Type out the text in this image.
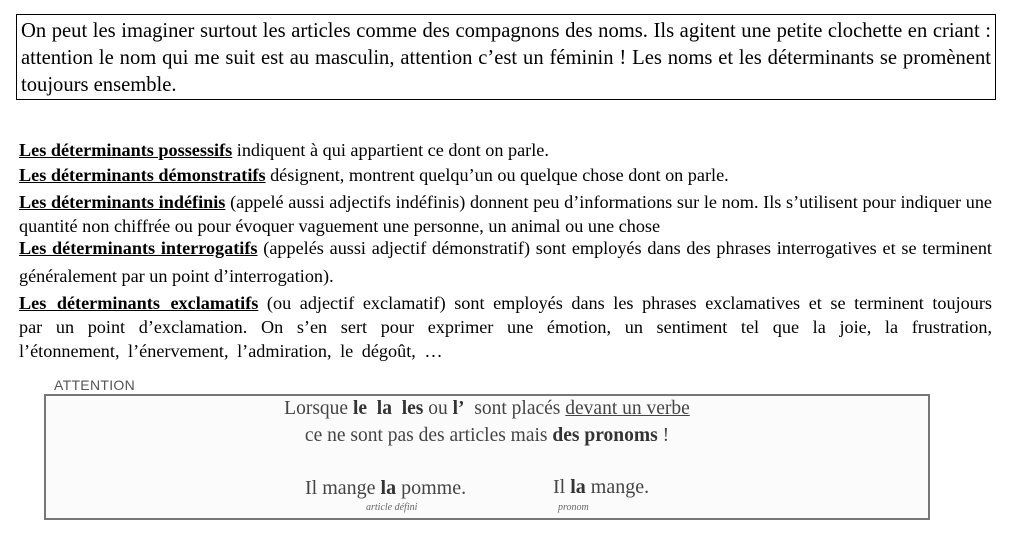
On peut les imaginer surtout les articles comme des compagnons des noms. Ils agitent une petite clochette en criant : attention le nom qui me suit est au masculin, attention c’est un féminin ! Les noms et les déterminants se promènent toujours ensemble.

Les déterminants possessifs indiquent à qui appartient ce dont on parle.

Les déterminants démonstratifs désignent, montrent quelqu’un ou quelque chose dont on parle.

Les déterminants indéfinis (appelé aussi adjectifs indéfinis) donnent peu d’informations sur le nom. Ils s’utilisent pour indiquer une quantité non chiffrée ou pour évoquer vaguement une personne, un animal ou une chose

Les déterminants interrogatifs (appelés aussi adjectif démonstratif) sont employés dans des phrases interrogatives et se terminent généralement par un point d’interrogation).

Les déterminants exclamatifs (ou adjectif exclamatif) sont employés dans les phrases exclamatives et se terminent toujours par un point d’exclamation. On s’en sert pour exprimer une émotion, un sentiment tel que la joie, la frustration, l’étonnement, l’énervement, l’admiration, le dégoût, …

ATTENTION
Lorsque le  la  les ou l’  sont placés devant un verbe
ce ne sont pas des articles mais des pronoms !
Il mange la pomme.
article défini
Il la mange.
pronom
